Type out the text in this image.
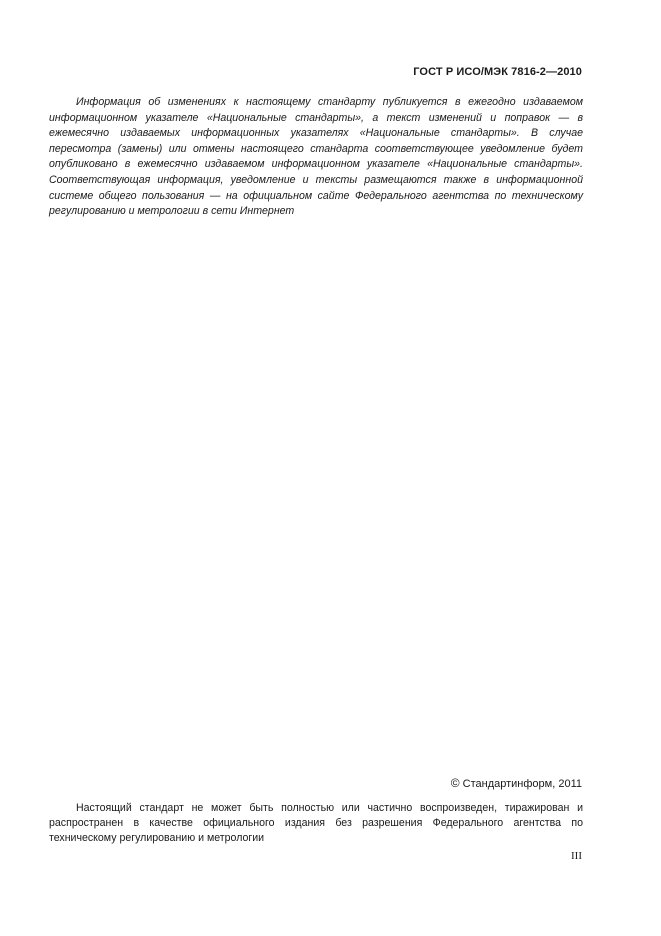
ГОСТ Р ИСО/МЭК 7816-2—2010

Информация об изменениях к настоящему стандарту публикуется в ежегодно издаваемом информационном указателе «Национальные стандарты», а текст изменений и поправок — в ежемесячно издаваемых информационных указателях «Национальные стандарты». В случае пересмотра (замены) или отмены настоящего стандарта соответствующее уведомление будет опубликовано в ежемесячно издаваемом информационном указателе «Национальные стандарты». Соответствующая информация, уведомление и тексты размещаются также в информационной системе общего пользования — на официальном сайте Федерального агентства по техническому регулированию и метрологии в сети Интернет

© Стандартинформ, 2011

Настоящий стандарт не может быть полностью или частично воспроизведен, тиражирован и распространен в качестве официального издания без разрешения Федерального агентства по техническому регулированию и метрологии

III
